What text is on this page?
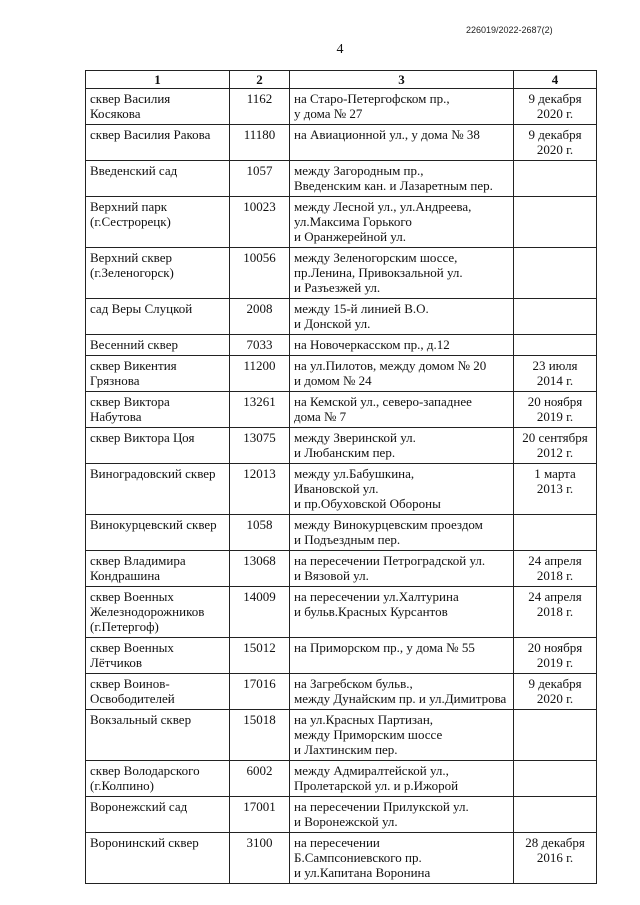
226019/2022-2687(2)
4
1	2	3	4

сквер Василия
Косякова	1162	на Старо-Петергофском пр.,
у дома № 27	9 декабря
2020 г.

сквер Василия Ракова	11180	на Авиационной ул., у дома № 38	9 декабря
2020 г.

Введенский сад	1057	между Загородным пр.,
Введенским кан. и Лазаретным пер.	

Верхний парк
(г.Сестрорецк)	10023	между Лесной ул., ул.Андреева,
ул.Максима Горького
и Оранжерейной ул.	

Верхний сквер
(г.Зеленогорск)	10056	между Зеленогорским шоссе,
пр.Ленина, Привокзальной ул.
и Разъезжей ул.	

сад Веры Слуцкой	2008	между 15-й линией В.О.
и Донской ул.	

Весенний сквер	7033	на Новочеркасском пр., д.12	

сквер Викентия
Грязнова	11200	на ул.Пилотов, между домом № 20
и домом № 24	23 июля
2014 г.

сквер Виктора
Набутова	13261	на Кемской ул., северо-западнее
дома № 7	20 ноября
2019 г.

сквер Виктора Цоя	13075	между Зверинской ул.
и Любанским пер.	20 сентября
2012 г.

Виноградовский сквер	12013	между ул.Бабушкина,
Ивановской ул.
и пр.Обуховской Обороны	1 марта
2013 г.

Винокурцевский сквер	1058	между Винокурцевским проездом
и Подъездным пер.	

сквер Владимира
Кондрашина	13068	на пересечении Петроградской ул.
и Вязовой ул.	24 апреля
2018 г.

сквер Военных
Железнодорожников
(г.Петергоф)	14009	на пересечении ул.Халтурина
и бульв.Красных Курсантов	24 апреля
2018 г.

сквер Военных
Лётчиков	15012	на Приморском пр., у дома № 55	20 ноября
2019 г.

сквер Воинов-
Освободителей	17016	на Загребском бульв.,
между Дунайским пр. и ул.Димитрова	9 декабря
2020 г.

Вокзальный сквер	15018	на ул.Красных Партизан,
между Приморским шоссе
и Лахтинским пер.	

сквер Володарского
(г.Колпино)	6002	между Адмиралтейской ул.,
Пролетарской ул. и р.Ижорой	

Воронежский сад	17001	на пересечении Прилукской ул.
и Воронежской ул.	

Воронинский сквер	3100	на пересечении
Б.Сампсониевского пр.
и ул.Капитана Воронина	28 декабря
2016 г.
